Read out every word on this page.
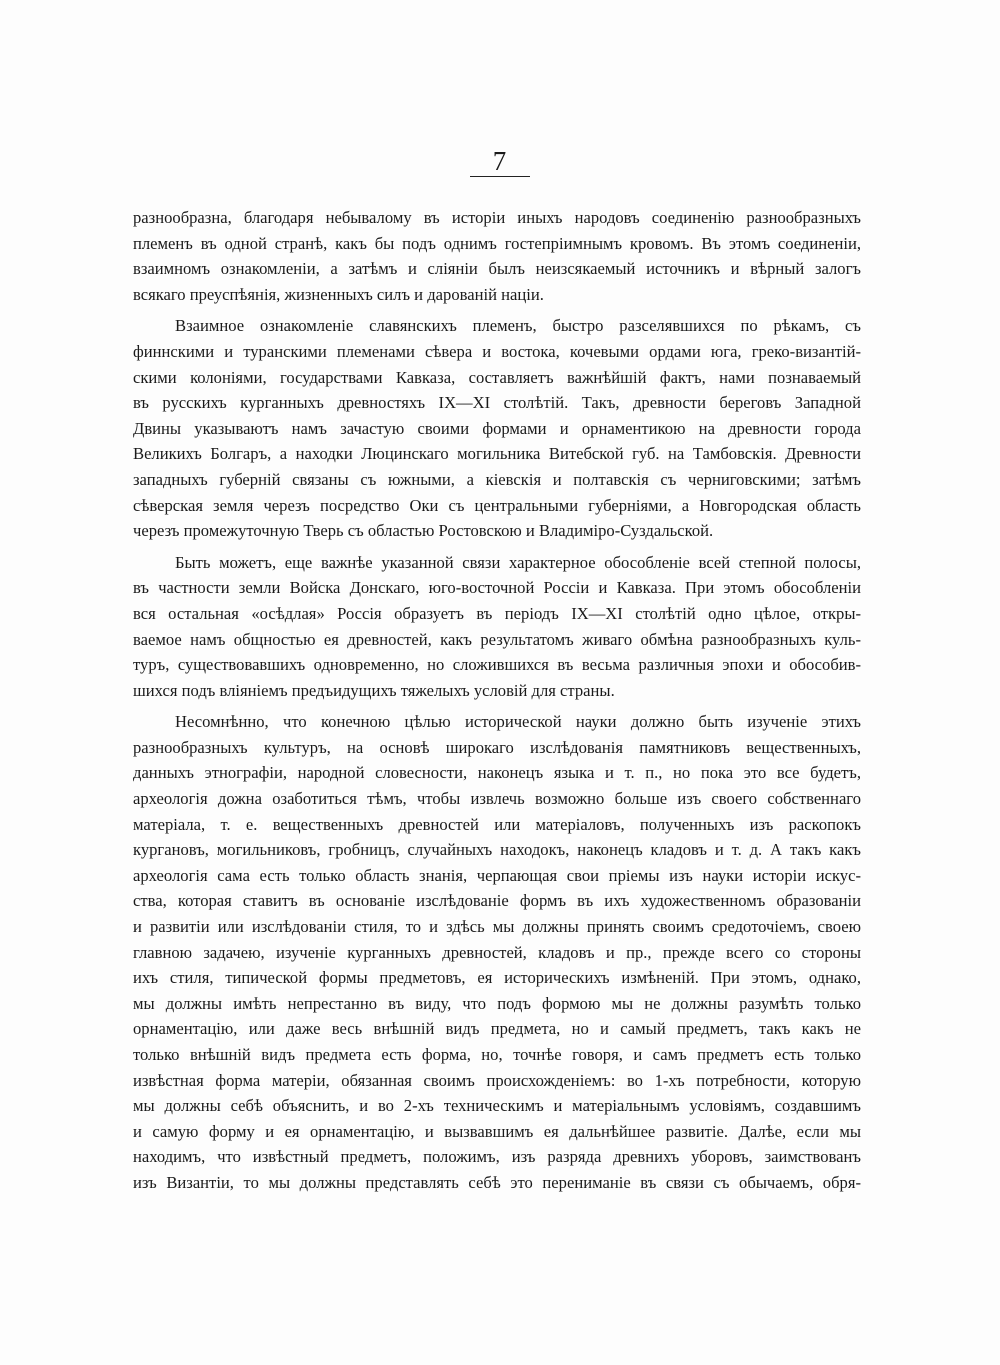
7

разнообразна, благодаря небывалому въ исторiи иныхъ народовъ соединенiю разнообразныхъ
племенъ въ одной странѣ, какъ бы подъ однимъ гостепрiимнымъ кровомъ. Въ этомъ соединенiи,
взаимномъ ознакомленiи, а затѣмъ и слiянiи былъ неизсякаемый источникъ и вѣрный залогъ
всякаго преуспѣянiя, жизненныхъ силъ и дарованiй нацiи.

Взаимное ознакомленiе славянскихъ племенъ, быстро разселявшихся по рѣкамъ, съ
финнскими и туранскими племенами сѣвера и востока, кочевыми ордами юга, греко-византiй-
скими колонiями, государствами Кавказа, составляетъ важнѣйшiй фактъ, нами познаваемый
въ русскихъ курганныхъ древностяхъ IX—XI столѣтiй. Такъ, древности береговъ Западной
Двины указываютъ намъ зачастую своими формами и орнаментикою на древности города
Великихъ Болгаръ, а находки Люцинскаго могильника Витебской губ. на Тамбовскiя. Древности
западныхъ губернiй связаны съ южными, а кiевскiя и полтавскiя съ черниговскими; затѣмъ
сѣверская земля черезъ посредство Оки съ центральными губернiями, а Новгородская область
черезъ промежуточную Тверь съ областью Ростовскою и Владимiро-Суздальской.

Быть можетъ, еще важнѣе указанной связи характерное обособленiе всей степной полосы,
въ частности земли Войска Донскаго, юго-восточной Россiи и Кавказа. При этомъ обособленiи
вся остальная «осѣдлая» Россiя образуетъ въ перiодъ IX—XI столѣтiй одно цѣлое, откры-
ваемое намъ общностью ея древностей, какъ результатомъ живаго обмѣна разнообразныхъ куль-
туръ, существовавшихъ одновременно, но сложившихся въ весьма различныя эпохи и обособив-
шихся подъ влiянiемъ предъидущихъ тяжелыхъ условiй для страны.

Несомнѣнно, что конечною цѣлью исторической науки должно быть изученiе этихъ
разнообразныхъ культуръ, на основѣ широкаго изслѣдованiя памятниковъ вещественныхъ,
данныхъ этнографiи, народной словесности, наконецъ языка и т. п., но пока это все будетъ,
археологiя дожна озаботиться тѣмъ, чтобы извлечь возможно больше изъ своего собственнаго
матерiала, т. е. вещественныхъ древностей или матерiаловъ, полученныхъ изъ раскопокъ
кургановъ, могильниковъ, гробницъ, случайныхъ находокъ, наконецъ кладовъ и т. д. А такъ какъ
археологiя сама есть только область знанiя, черпающая свои прiемы изъ науки исторiи искус-
ства, которая ставитъ въ основанiе изслѣдованiе формъ въ ихъ художественномъ образованiи
и развитiи или изслѣдованiи стиля, то и здѣсь мы должны принять своимъ средоточiемъ, своею
главною задачею, изученiе курганныхъ древностей, кладовъ и пр., прежде всего со стороны
ихъ стиля, типической формы предметовъ, ея историческихъ измѣненiй. При этомъ, однако,
мы должны имѣть непрестанно въ виду, что подъ формою мы не должны разумѣть только
орнаментацiю, или даже весь внѣшнiй видъ предмета, но и самый предметъ, такъ какъ не
только внѣшнiй видъ предмета есть форма, но, точнѣе говоря, и самъ предметъ есть только
извѣстная форма матерiи, обязанная своимъ происхожденiемъ: во 1-хъ потребности, которую
мы должны себѣ объяснить, и во 2-хъ техническимъ и матерiальнымъ условiямъ, создавшимъ
и самую форму и ея орнаментацiю, и вызвавшимъ ея дальнѣйшее развитiе. Далѣе, если мы
находимъ, что извѣстный предметъ, положимъ, изъ разряда древнихъ уборовъ, заимствованъ
изъ Византiи, то мы должны представлять себѣ это перениманiе въ связи съ обычаемъ, обря-
